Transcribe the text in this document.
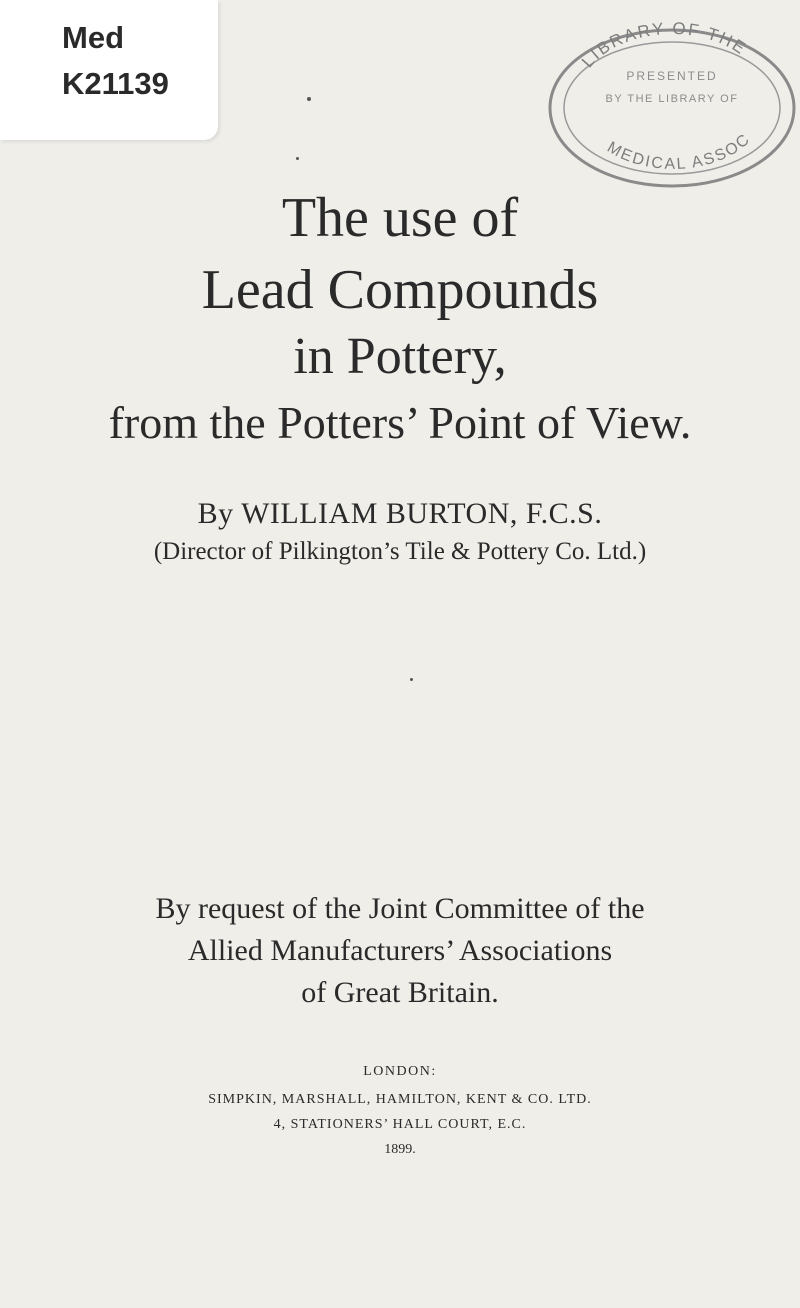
Med
K21139
LIBRARY OF THE
PRESENTED
BY THE LIBRARY OF
MEDICAL ASSOC
The use of
Lead Compounds
in Pottery,
from the Potters’ Point of View.
By WILLIAM BURTON, F.C.S.
(Director of Pilkington’s Tile & Pottery Co. Ltd.)
By request of the Joint Committee of the
Allied Manufacturers’ Associations
of Great Britain.
LONDON:
SIMPKIN, MARSHALL, HAMILTON, KENT & CO. LTD.
4, STATIONERS’ HALL COURT, E.C.
1899.
